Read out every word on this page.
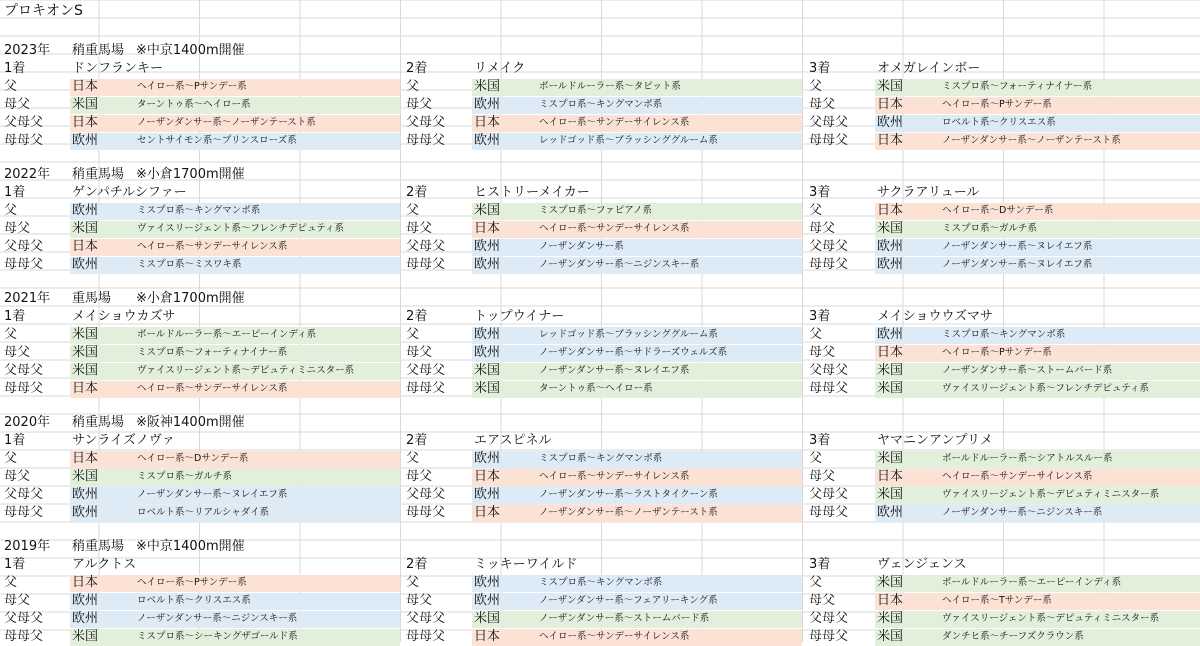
プロキオンS
2023年 稍重馬場 ※中京1400m開催
1着	ドンフランキー
父	日本	ヘイロー系～Pサンデー系
母父	米国	ターントゥ系～ヘイロー系
父母父 日本	ノーザンダンサー系～ノーザンテースト系
母母父 欧州	セントサイモン系～プリンスローズ系
2着	リメイク
父	米国	ボールドルーラー系～タピット系
母父	欧州	ミスプロ系～キングマンボ系
父母父 日本	ヘイロー系～サンデーサイレンス系
母母父 欧州	レッドゴッド系～ブラッシンググルーム系
3着	オメガレインボー
父	米国	ミスプロ系～フォーティナイナー系
母父	日本	ヘイロー系～Pサンデー系
父母父 欧州	ロベルト系～クリスエス系
母母父 日本	ノーザンダンサー系～ノーザンテースト系
2022年 稍重馬場 ※小倉1700m開催
1着	ゲンパチルシファー
父	欧州	ミスプロ系～キングマンボ系
母父	米国	ヴァイスリージェント系～フレンチデピュティ系
父母父 日本	ヘイロー系～サンデーサイレンス系
母母父 欧州	ミスプロ系～ミスワキ系
2着	ヒストリーメイカー
父	米国	ミスプロ系～ファピアノ系
母父	日本	ヘイロー系～サンデーサイレンス系
父母父 欧州	ノーザンダンサー系
母母父 欧州	ノーザンダンサー系～ニジンスキー系
3着	サクラアリュール
父	日本	ヘイロー系～Dサンデー系
母父	米国	ミスプロ系～ガルチ系
父母父 欧州	ノーザンダンサー系～ヌレイエフ系
母母父 欧州	ノーザンダンサー系～ヌレイエフ系
2021年 重馬場 ※小倉1700m開催
1着	メイショウカズサ
父	米国	ボールドルーラー系～エーピーインディ系
母父	米国	ミスプロ系～フォーティナイナー系
父母父 米国	ヴァイスリージェント系～デピュティミニスター系
母母父 日本	ヘイロー系～サンデーサイレンス系
2着	トップウイナー
父	欧州	レッドゴッド系～ブラッシンググルーム系
母父	欧州	ノーザンダンサー系～サドラーズウェルズ系
父母父 米国	ノーザンダンサー系～ヌレイエフ系
母母父 米国	ターントゥ系～ヘイロー系
3着	メイショウウズマサ
父	欧州	ミスプロ系～キングマンボ系
母父	日本	ヘイロー系～Pサンデー系
父母父 米国	ノーザンダンサー系～ストームバード系
母母父 米国	ヴァイスリージェント系～フレンチデピュティ系
2020年 稍重馬場 ※阪神1400m開催
1着	サンライズノヴァ
父	日本	ヘイロー系～Dサンデー系
母父	米国	ミスプロ系～ガルチ系
父母父 欧州	ノーザンダンサー系～ヌレイエフ系
母母父 欧州	ロベルト系～リアルシャダイ系
2着	エアスピネル
父	欧州	ミスプロ系～キングマンボ系
母父	日本	ヘイロー系～サンデーサイレンス系
父母父 欧州	ノーザンダンサー系～ラストタイクーン系
母母父 日本	ノーザンダンサー系～ノーザンテースト系
3着	ヤマニンアンプリメ
父	米国	ボールドルーラー系～シアトルスルー系
母父	日本	ヘイロー系～サンデーサイレンス系
父母父 米国	ヴァイスリージェント系～デピュティミニスター系
母母父 欧州	ノーザンダンサー系～ニジンスキー系
2019年 稍重馬場 ※中京1400m開催
1着	アルクトス
父	日本	ヘイロー系～Pサンデー系
母父	欧州	ロベルト系～クリスエス系
父母父 欧州	ノーザンダンサー系～ニジンスキー系
母母父 米国	ミスプロ系～シーキングザゴールド系
2着	ミッキーワイルド
父	欧州	ミスプロ系～キングマンボ系
母父	欧州	ノーザンダンサー系～フェアリーキング系
父母父 米国	ノーザンダンサー系～ストームバード系
母母父 日本	ヘイロー系～サンデーサイレンス系
3着	ヴェンジェンス
父	米国	ボールドルーラー系～エーピーインディ系
母父	日本	ヘイロー系～Tサンデー系
父母父 米国	ヴァイスリージェント系～デピュティミニスター系
母母父 米国	ダンチヒ系～チーフズクラウン系
